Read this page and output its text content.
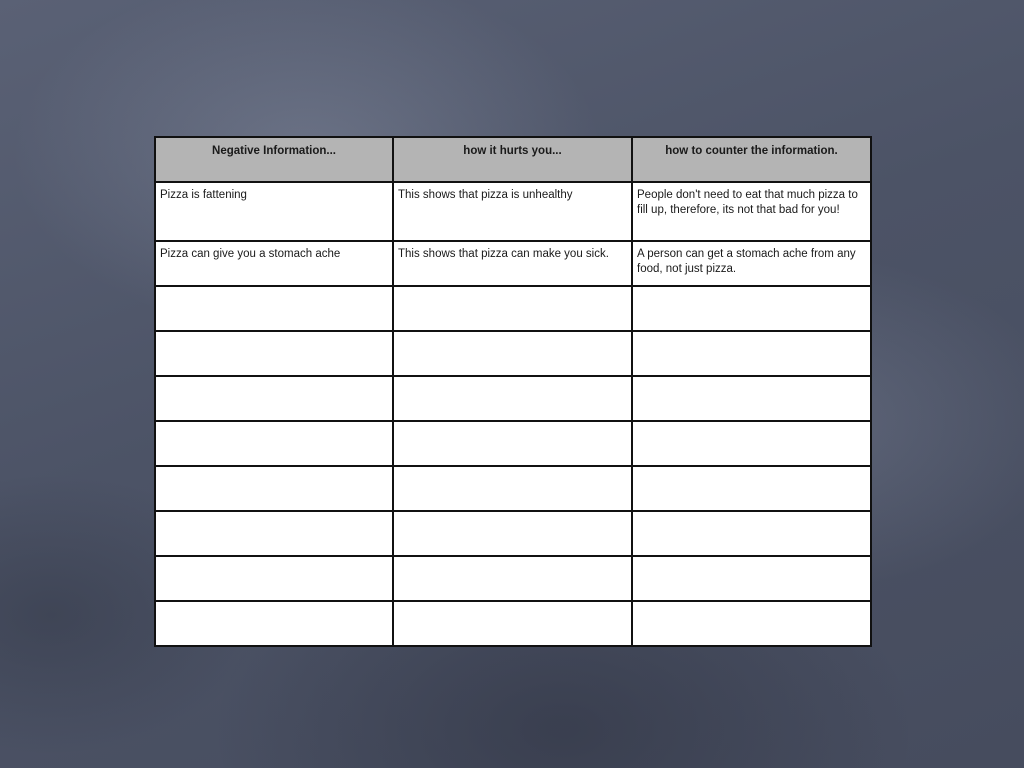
Negative Information...	how it hurts you...	how to counter the information.
Pizza is fattening	This shows that pizza is unhealthy	People don't need to eat that much pizza to fill up, therefore, its not that bad for you!
Pizza can give you a stomach ache	This shows that pizza can make you sick.	A person can get a stomach ache from any food, not just pizza.
